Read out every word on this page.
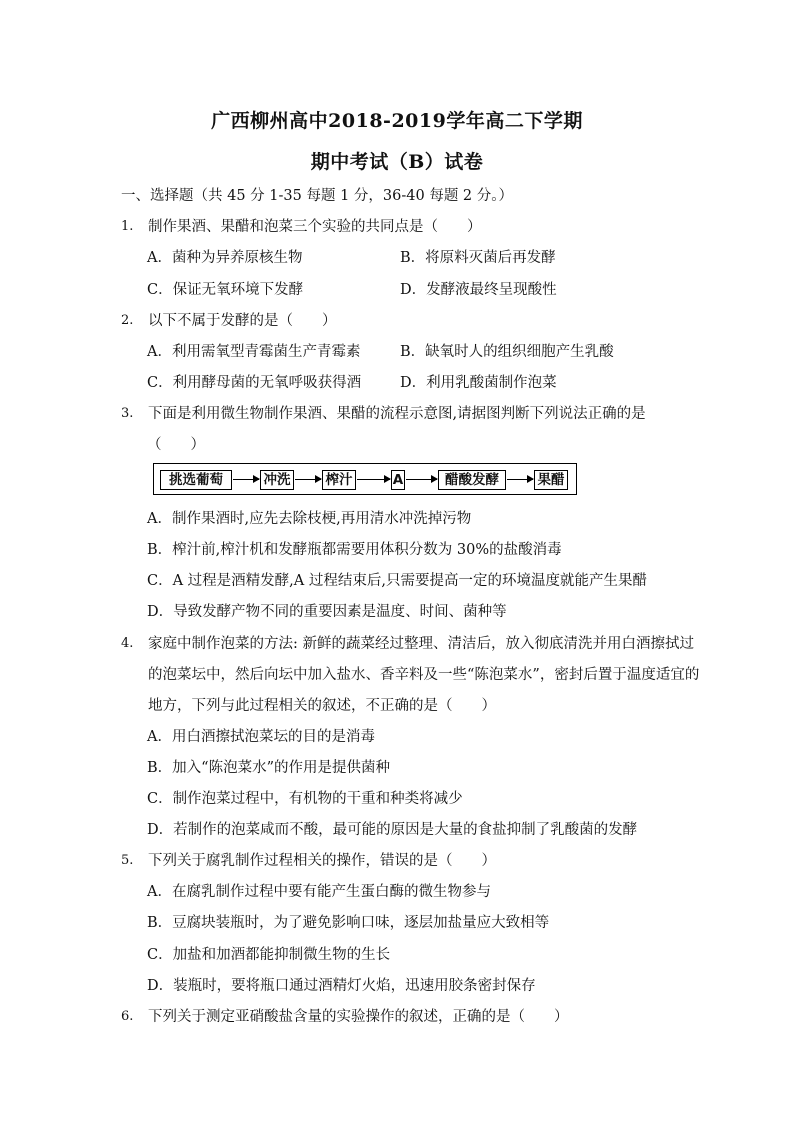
广西柳州高中2018-2019学年高二下学期
期中考试（B）试卷
一、选择题（共 45 分 1-35 每题 1 分，36-40 每题 2 分。）
1. 制作果酒、果醋和泡菜三个实验的共同点是（　　）
A．菌种为异养原核生物	B．将原料灭菌后再发酵
C．保证无氧环境下发酵	D．发酵液最终呈现酸性
2. 以下不属于发酵的是（　　）
A．利用需氧型青霉菌生产青霉素	B．缺氧时人的组织细胞产生乳酸
C．利用酵母菌的无氧呼吸获得酒	D．利用乳酸菌制作泡菜
3. 下面是利用微生物制作果酒、果醋的流程示意图,请据图判断下列说法正确的是
（　　）
挑选葡萄	冲洗	榨汁	A	醋酸发酵	果醋
A．制作果酒时,应先去除枝梗,再用清水冲洗掉污物
B．榨汁前,榨汁机和发酵瓶都需要用体积分数为 30%的盐酸消毒
C．A 过程是酒精发酵,A 过程结束后,只需要提高一定的环境温度就能产生果醋
D．导致发酵产物不同的重要因素是温度、时间、菌种等
4. 家庭中制作泡菜的方法: 新鲜的蔬菜经过整理、清洁后，放入彻底清洗并用白酒擦拭过
的泡菜坛中，然后向坛中加入盐水、香辛料及一些“陈泡菜水”，密封后置于温度适宜的
地方，下列与此过程相关的叙述，不正确的是（　　）
A．用白酒擦拭泡菜坛的目的是消毒
B．加入“陈泡菜水”的作用是提供菌种
C．制作泡菜过程中，有机物的干重和种类将减少
D．若制作的泡菜咸而不酸，最可能的原因是大量的食盐抑制了乳酸菌的发酵
5. 下列关于腐乳制作过程相关的操作，错误的是（　　）
A．在腐乳制作过程中要有能产生蛋白酶的微生物参与
B．豆腐块装瓶时，为了避免影响口味，逐层加盐量应大致相等
C．加盐和加酒都能抑制微生物的生长
D．装瓶时，要将瓶口通过酒精灯火焰，迅速用胶条密封保存
6. 下列关于测定亚硝酸盐含量的实验操作的叙述，正确的是（　　）
